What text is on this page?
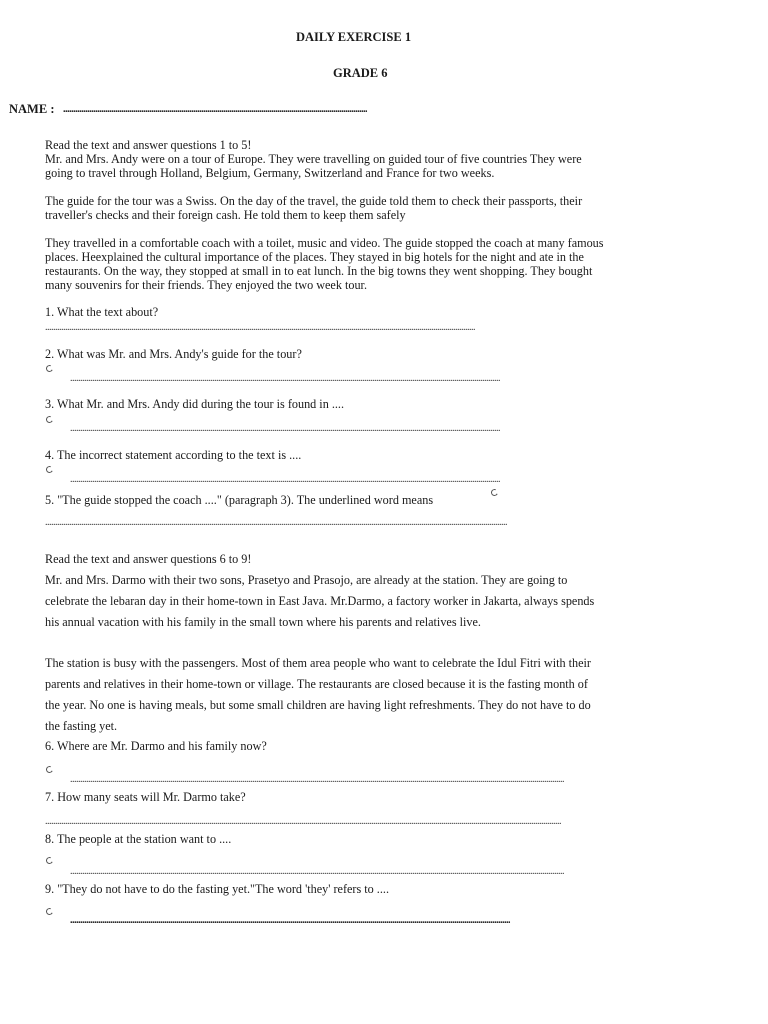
DAILY EXERCISE 1
GRADE 6
NAME : ........................................................................................................................................................
Read the text and answer questions 1 to 5!
Mr. and Mrs. Andy were on a tour of Europe. They were travelling on guided tour of five countries They were
going to travel through Holland, Belgium, Germany, Switzerland and France for two weeks.
The guide for the tour was a Swiss. On the day of the travel, the guide told them to check their passports, their
traveller's checks and their foreign cash. He told them to keep them safely
They travelled in a comfortable coach with a toilet, music and video. The guide stopped the coach at many famous
places. Heexplained the cultural importance of the places. They stayed in big hotels for the night and ate in the
restaurants. On the way, they stopped at small in to eat lunch. In the big towns they went shopping. They bought
many souvenirs for their friends. They enjoyed the two week tour.
1. What the text about?
.......................................................................................................................................................................................................................
2. What was Mr. and Mrs. Andy's guide for the tour?
.......................................................................................................................................................................................................................
3. What Mr. and Mrs. Andy did during the tour is found in ....
.......................................................................................................................................................................................................................
4. The incorrect statement according to the text is ....
.......................................................................................................................................................................................................................
5. "The guide stopped the coach ...." (paragraph 3). The underlined word means
.......................................................................................................................................................................................................................................
Read the text and answer questions 6 to 9!
Mr. and Mrs. Darmo with their two sons, Prasetyo and Prasojo, are already at the station. They are going to
celebrate the lebaran day in their home-town in East Java. Mr.Darmo, a factory worker in Jakarta, always spends
his annual vacation with his family in the small town where his parents and relatives live.
The station is busy with the passengers. Most of them area people who want to celebrate the Idul Fitri with their
parents and relatives in their home-town or village. The restaurants are closed because it is the fasting month of
the year. No one is having meals, but some small children are having light refreshments. They do not have to do
the fasting yet.
6. Where are Mr. Darmo and his family now?
.......................................................................................................................................................................................................................................................
7. How many seats will Mr. Darmo take?
..................................................................................................................................................................................................................................................................
8. The people at the station want to ....
.......................................................................................................................................................................................................................................................
9. "They do not have to do the fasting yet."The word 'they' refers to ....
............................................................................................................................................................................................................................
